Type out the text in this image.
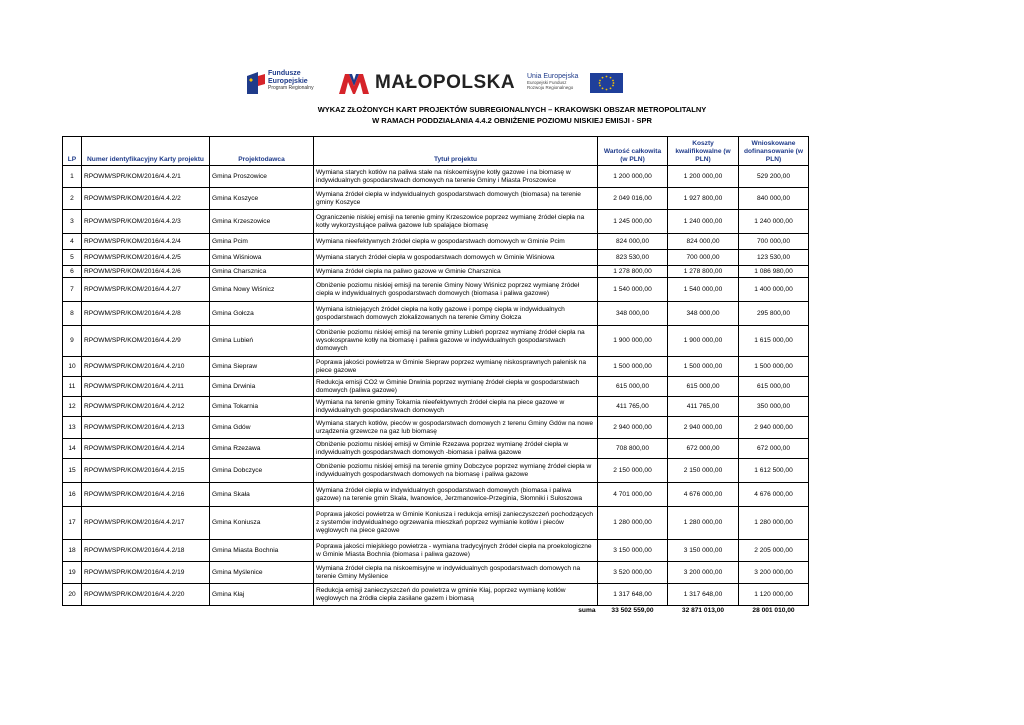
Fundusze
Europejskie
Program Regionalny	MAŁOPOLSKA Unia Europejska
Europejski Fundusz
Rozwoju Regionalnego
WYKAZ ZŁOŻONYCH KART PROJEKTÓW SUBREGIONALNYCH – KRAKOWSKI OBSZAR METROPOLITALNY
W RAMACH PODDZIAŁANIA 4.4.2 OBNIŻENIE POZIOMU NISKIEJ EMISJI - SPR
LP	Numer identyfikacyjny Karty projektu	Projektodawca	Tytuł projektu	Wartość całkowita (w PLN)	Koszty kwalifikowalne (w PLN)	Wnioskowane dofinansowanie (w PLN)
1	RPOWM/SPR/KOM/2016/4.4.2/1	Gmina Proszowice	Wymiana starych kotłów na paliwa stałe na niskoemisyjne kotły gazowe i na biomasę w indywidualnych gospodarstwach domowych na terenie Gminy i Miasta Proszowice	1 200 000,00	1 200 000,00	529 200,00
2	RPOWM/SPR/KOM/2016/4.4.2/2	Gmina Koszyce	Wymiana źródeł ciepła w indywidualnych gospodarstwach domowych (biomasa) na terenie gminy Koszyce	2 049 016,00	1 927 800,00	840 000,00
3	RPOWM/SPR/KOM/2016/4.4.2/3	Gmina Krzeszowice	Ograniczenie niskiej emisji na terenie gminy Krzeszowice poprzez wymianę źródeł ciepła na kotły wykorzystujące paliwa gazowe lub spalające biomasę	1 245 000,00	1 240 000,00	1 240 000,00
4	RPOWM/SPR/KOM/2016/4.4.2/4	Gmina Pcim	Wymiana nieefektywnych źródeł ciepła w gospodarstwach domowych w Gminie Pcim	824 000,00	824 000,00	700 000,00
5	RPOWM/SPR/KOM/2016/4.4.2/5	Gmina Wiśniowa	Wymiana starych źródeł ciepła w gospodarstwach domowych w Gminie Wiśniowa	823 530,00	700 000,00	123 530,00
6	RPOWM/SPR/KOM/2016/4.4.2/6	Gmina Charsznica	Wymiana źródeł ciepła na paliwo gazowe w Gminie Charsznica	1 278 800,00	1 278 800,00	1 086 980,00
7	RPOWM/SPR/KOM/2016/4.4.2/7	Gmina Nowy Wiśnicz	Obniżenie poziomu niskiej emisji na terenie Gminy Nowy Wiśnicz poprzez wymianę źródeł ciepła w indywidualnych gospodarstwach domowych (biomasa i paliwa gazowe)	1 540 000,00	1 540 000,00	1 400 000,00
8	RPOWM/SPR/KOM/2016/4.4.2/8	Gmina Gołcza	Wymiana istniejących źródeł ciepła na kotły gazowe i pompę ciepła w indywidualnych gospodarstwach domowych zlokalizowanych na terenie Gminy Gołcza	348 000,00	348 000,00	295 800,00
9	RPOWM/SPR/KOM/2016/4.4.2/9	Gmina Lubień	Obniżenie poziomu niskiej emisji na terenie gminy Lubień poprzez wymianę źródeł ciepła na wysokosprawne kotły na biomasę i paliwa gazowe w indywidualnych gospodarstwach domowych	1 900 000,00	1 900 000,00	1 615 000,00
10	RPOWM/SPR/KOM/2016/4.4.2/10	Gmina Siepraw	Poprawa jakości powietrza w Gminie Siepraw poprzez wymianę niskosprawnych palenisk na piece gazowe	1 500 000,00	1 500 000,00	1 500 000,00
11	RPOWM/SPR/KOM/2016/4.4.2/11	Gmina Drwinia	Redukcja emisji CO2 w Gminie Drwinia poprzez wymianę źródeł ciepła w gospodarstwach domowych (paliwa gazowe)	615 000,00	615 000,00	615 000,00
12	RPOWM/SPR/KOM/2016/4.4.2/12	Gmina Tokarnia	Wymiana na terenie gminy Tokarnia nieefektywnych źródeł ciepła na piece gazowe w indywidualnych gospodarstwach domowych	411 765,00	411 765,00	350 000,00
13	RPOWM/SPR/KOM/2016/4.4.2/13	Gmina Gdów	Wymiana starych kotłów, pieców w gospodarstwach domowych z terenu Gminy Gdów na nowe urządzenia grzewcze na gaz lub biomasę	2 940 000,00	2 940 000,00	2 940 000,00
14	RPOWM/SPR/KOM/2016/4.4.2/14	Gmina Rzezawa	Obniżenie poziomu niskiej emisji w Gminie Rzezawa poprzez wymianę źródeł ciepła w indywidualnych gospodarstwach domowych -biomasa i paliwa gazowe	708 800,00	672 000,00	672 000,00
15	RPOWM/SPR/KOM/2016/4.4.2/15	Gmina Dobczyce	Obniżenie poziomu niskiej emisji na terenie gminy Dobczyce poprzez wymianę źródeł ciepła w indywidualnych gospodarstwach domowych na biomasę i paliwa gazowe	2 150 000,00	2 150 000,00	1 612 500,00
16	RPOWM/SPR/KOM/2016/4.4.2/16	Gmina Skała	Wymiana źródeł ciepła w indywidualnych gospodarstwach domowych (biomasa i paliwa gazowe) na terenie gmin Skała, Iwanowice, Jerzmanowice-Przeginia, Słomniki i Sułoszowa	4 701 000,00	4 676 000,00	4 676 000,00
17	RPOWM/SPR/KOM/2016/4.4.2/17	Gmina Koniusza	Poprawa jakości powietrza w Gminie Koniusza i redukcja emisji zanieczyszczeń pochodzących z systemów indywidualnego ogrzewania mieszkań poprzez wymianie kotłów i pieców węglowych na piece gazowe	1 280 000,00	1 280 000,00	1 280 000,00
18	RPOWM/SPR/KOM/2016/4.4.2/18	Gmina Miasta Bochnia	Poprawa jakości miejskiego powietrza - wymiana tradycyjnych źródeł ciepła na proekologiczne w Gminie Miasta Bochnia (biomasa i paliwa gazowe)	3 150 000,00	3 150 000,00	2 205 000,00
19	RPOWM/SPR/KOM/2016/4.4.2/19	Gmina Myślenice	Wymiana źródeł ciepła na niskoemisyjne w indywidualnych gospodarstwach domowych na terenie Gminy Myślenice	3 520 000,00	3 200 000,00	3 200 000,00
20	RPOWM/SPR/KOM/2016/4.4.2/20	Gmina Kłaj	Redukcja emisji zanieczyszczeń do powietrza w gminie Kłaj, poprzez wymianę kotłów węglowych na źródła ciepła zasilane gazem i biomasą	1 317 648,00	1 317 648,00	1 120 000,00
			suma	33 502 559,00	32 871 013,00	28 001 010,00
